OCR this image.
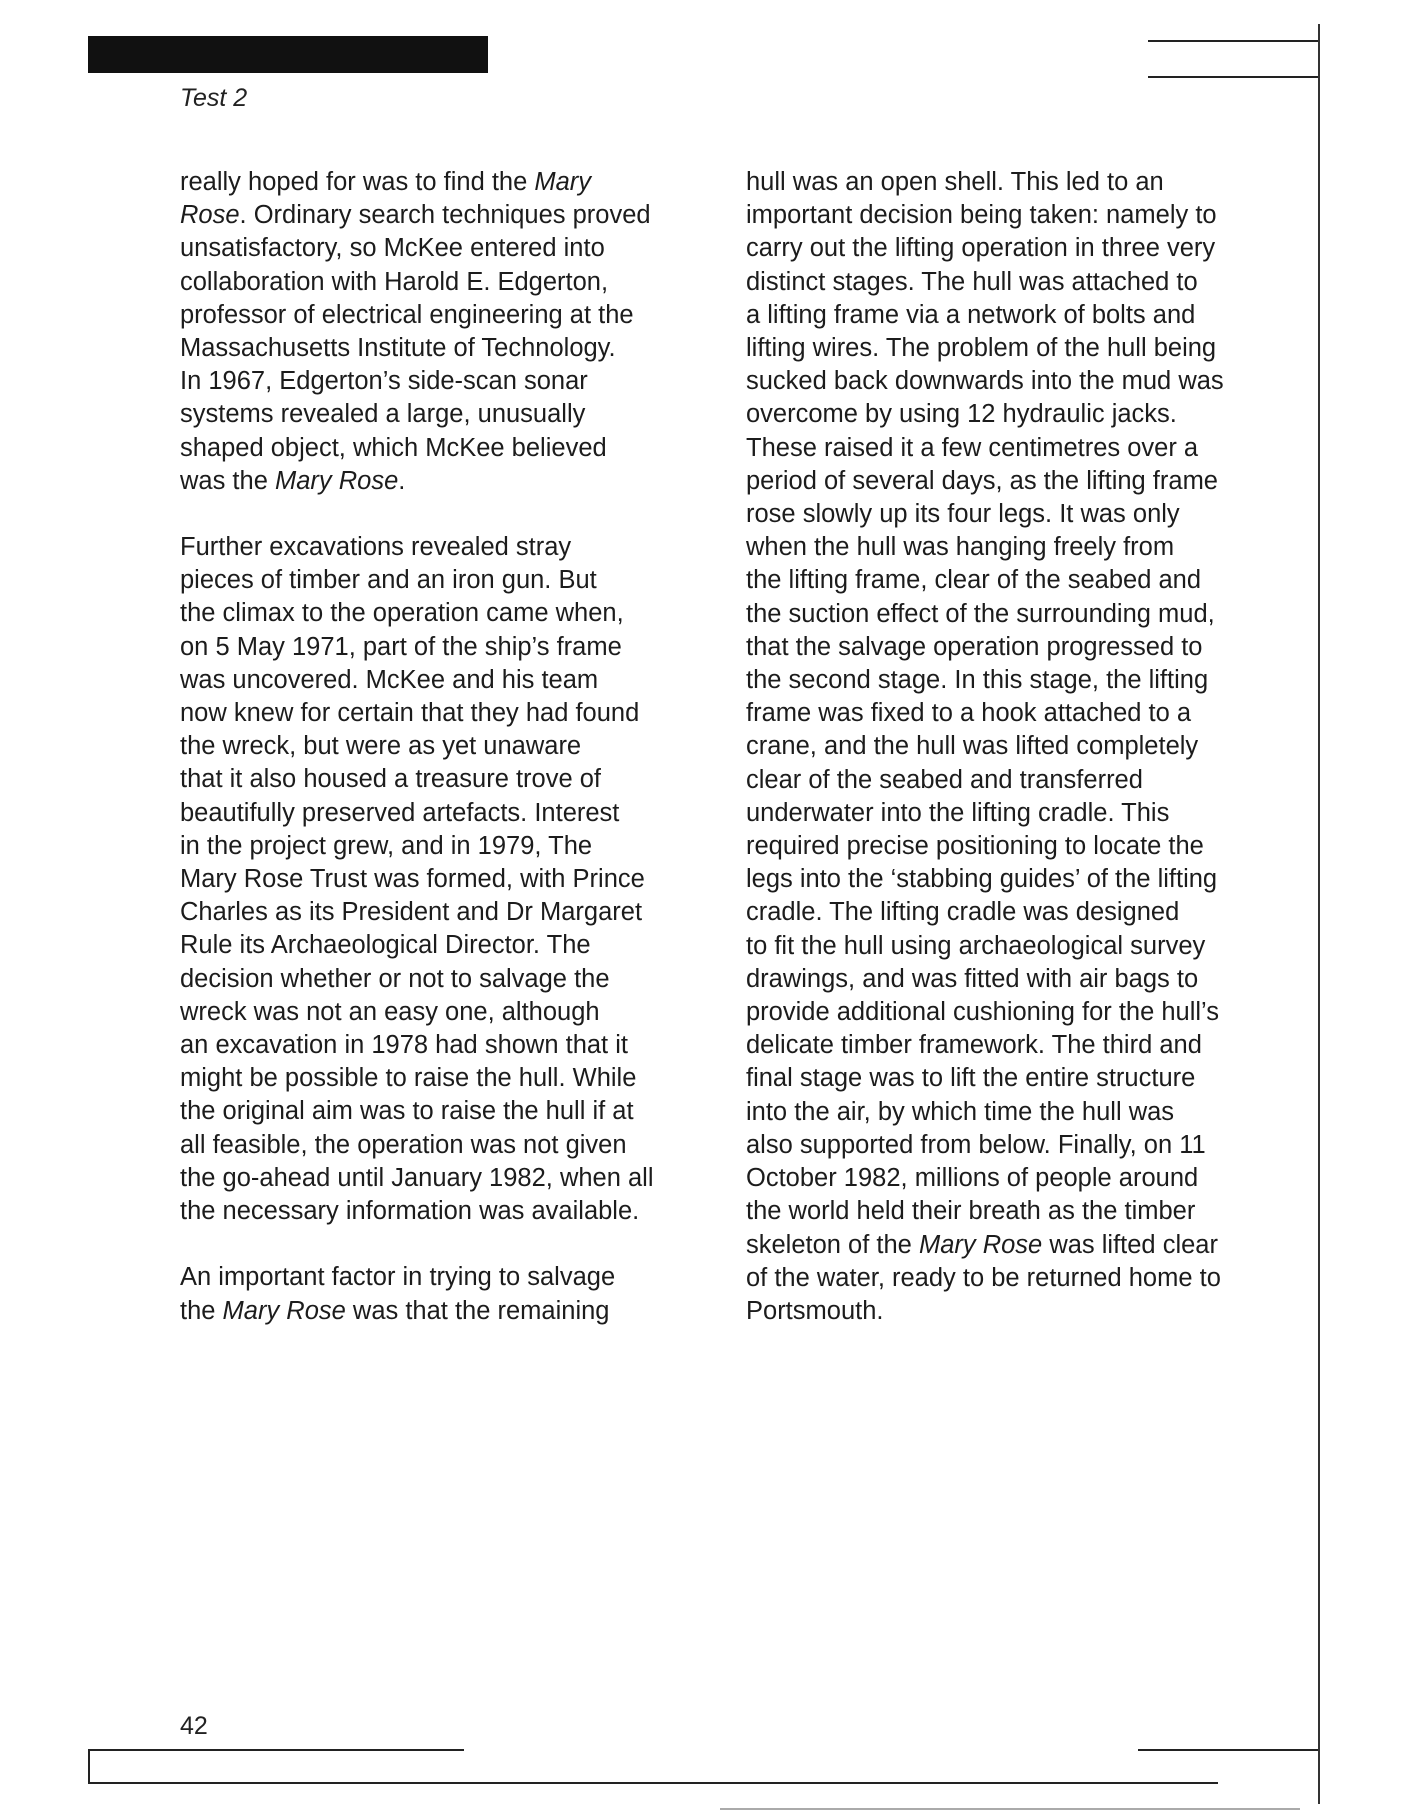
Test 2

really hoped for was to find the Mary
Rose. Ordinary search techniques proved
unsatisfactory, so McKee entered into
collaboration with Harold E. Edgerton,
professor of electrical engineering at the
Massachusetts Institute of Technology.
In 1967, Edgerton’s side-scan sonar
systems revealed a large, unusually
shaped object, which McKee believed
was the Mary Rose.

Further excavations revealed stray
pieces of timber and an iron gun. But
the climax to the operation came when,
on 5 May 1971, part of the ship’s frame
was uncovered. McKee and his team
now knew for certain that they had found
the wreck, but were as yet unaware
that it also housed a treasure trove of
beautifully preserved artefacts. Interest
in the project grew, and in 1979, The
Mary Rose Trust was formed, with Prince
Charles as its President and Dr Margaret
Rule its Archaeological Director. The
decision whether or not to salvage the
wreck was not an easy one, although
an excavation in 1978 had shown that it
might be possible to raise the hull. While
the original aim was to raise the hull if at
all feasible, the operation was not given
the go-ahead until January 1982, when all
the necessary information was available.

An important factor in trying to salvage
the Mary Rose was that the remaining

hull was an open shell. This led to an
important decision being taken: namely to
carry out the lifting operation in three very
distinct stages. The hull was attached to
a lifting frame via a network of bolts and
lifting wires. The problem of the hull being
sucked back downwards into the mud was
overcome by using 12 hydraulic jacks.
These raised it a few centimetres over a
period of several days, as the lifting frame
rose slowly up its four legs. It was only
when the hull was hanging freely from
the lifting frame, clear of the seabed and
the suction effect of the surrounding mud,
that the salvage operation progressed to
the second stage. In this stage, the lifting
frame was fixed to a hook attached to a
crane, and the hull was lifted completely
clear of the seabed and transferred
underwater into the lifting cradle. This
required precise positioning to locate the
legs into the ‘stabbing guides’ of the lifting
cradle. The lifting cradle was designed
to fit the hull using archaeological survey
drawings, and was fitted with air bags to
provide additional cushioning for the hull’s
delicate timber framework. The third and
final stage was to lift the entire structure
into the air, by which time the hull was
also supported from below. Finally, on 11
October 1982, millions of people around
the world held their breath as the timber
skeleton of the Mary Rose was lifted clear
of the water, ready to be returned home to
Portsmouth.

42
